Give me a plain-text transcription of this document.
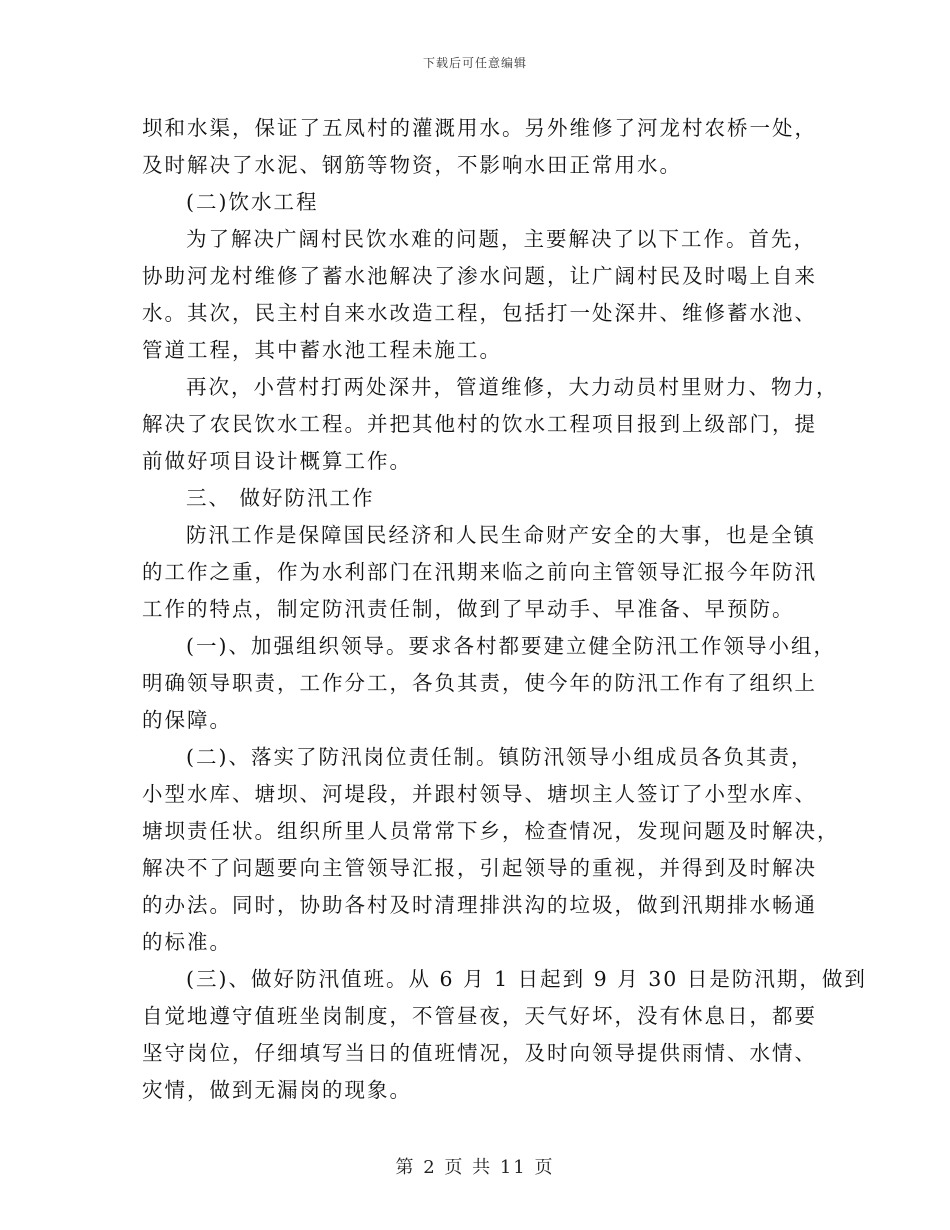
下载后可任意编辑
坝和水渠，保证了五凤村的灌溉用水。另外维修了河龙村农桥一处，
及时解决了水泥、钢筋等物资，不影响水田正常用水。
(二)饮水工程
为了解决广阔村民饮水难的问题，主要解决了以下工作。首先，
协助河龙村维修了蓄水池解决了渗水问题，让广阔村民及时喝上自来
水。其次，民主村自来水改造工程，包括打一处深井、维修蓄水池、
管道工程，其中蓄水池工程未施工。
再次，小营村打两处深井，管道维修，大力动员村里财力、物力，
解决了农民饮水工程。并把其他村的饮水工程项目报到上级部门，提
前做好项目设计概算工作。
三、 做好防汛工作
防汛工作是保障国民经济和人民生命财产安全的大事，也是全镇
的工作之重，作为水利部门在汛期来临之前向主管领导汇报今年防汛
工作的特点，制定防汛责任制，做到了早动手、早准备、早预防。
(一)、加强组织领导。要求各村都要建立健全防汛工作领导小组，
明确领导职责，工作分工，各负其责，使今年的防汛工作有了组织上
的保障。
(二)、落实了防汛岗位责任制。镇防汛领导小组成员各负其责，
小型水库、塘坝、河堤段，并跟村领导、塘坝主人签订了小型水库、
塘坝责任状。组织所里人员常常下乡，检查情况，发现问题及时解决，
解决不了问题要向主管领导汇报，引起领导的重视，并得到及时解决
的办法。同时，协助各村及时清理排洪沟的垃圾，做到汛期排水畅通
的标准。
(三)、做好防汛值班。从 6 月 1 日起到 9 月 30 日是防汛期，做到
自觉地遵守值班坐岗制度，不管昼夜，天气好坏，没有休息日，都要
坚守岗位，仔细填写当日的值班情况，及时向领导提供雨情、水情、
灾情，做到无漏岗的现象。
第 2 页 共 11 页
